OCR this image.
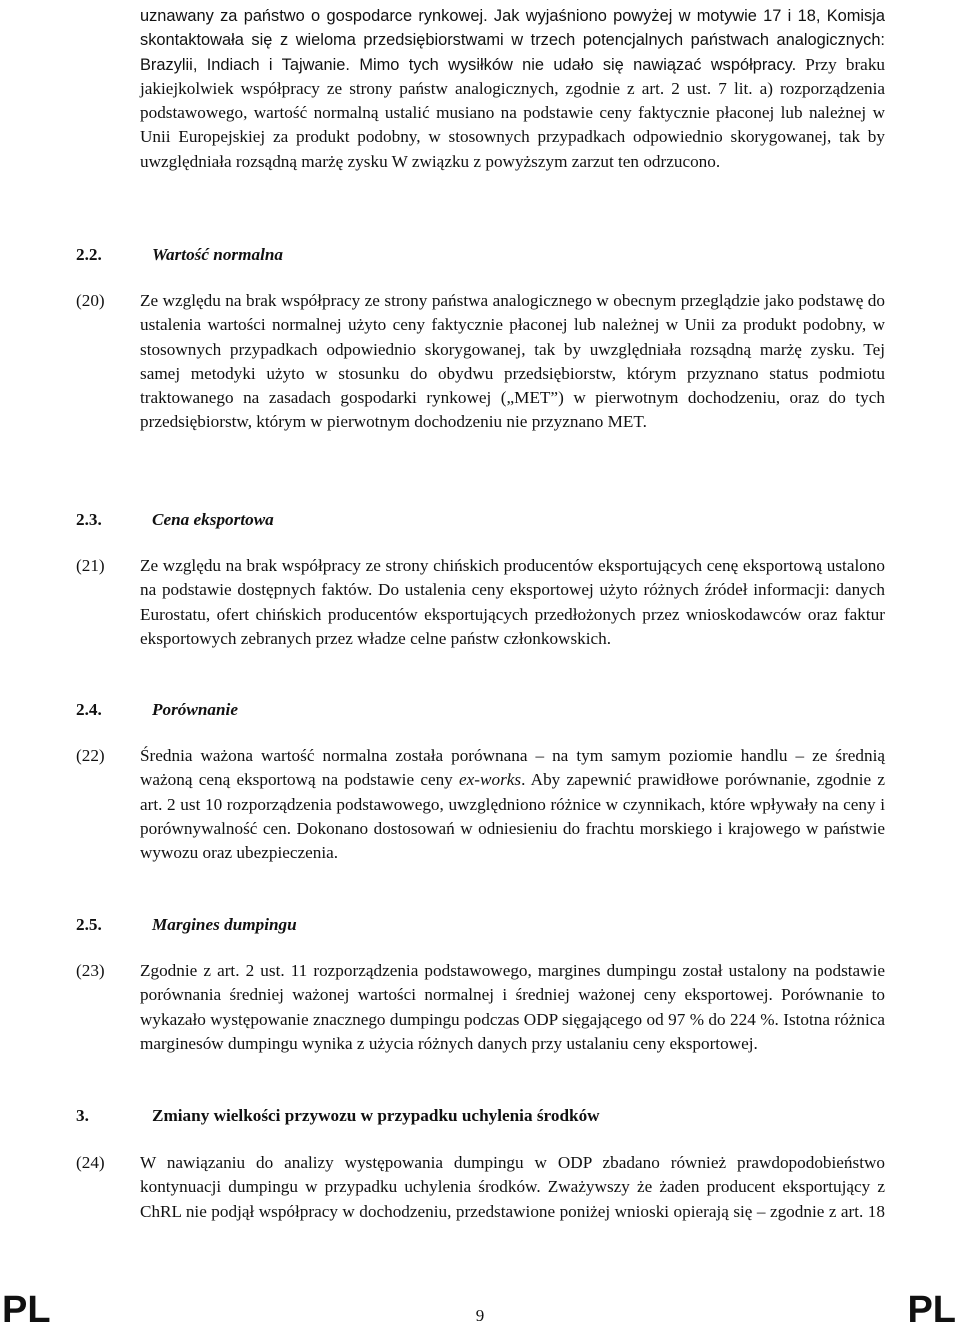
uznawany za państwo o gospodarce rynkowej. Jak wyjaśniono powyżej w motywie 17 i 18, Komisja skontaktowała się z wieloma przedsiębiorstwami w trzech potencjalnych państwach analogicznych: Brazylii, Indiach i Tajwanie. Mimo tych wysiłków nie udało się nawiązać współpracy. Przy braku jakiejkolwiek współpracy ze strony państw analogicznych, zgodnie z art. 2 ust. 7 lit. a) rozporządzenia podstawowego, wartość normalną ustalić musiano na podstawie ceny faktycznie płaconej lub należnej w Unii Europejskiej za produkt podobny, w stosownych przypadkach odpowiednio skorygowanej, tak by uwzględniała rozsądną marżę zysku W związku z powyższym zarzut ten odrzucono.

2.2.	Wartość normalna
(20) Ze względu na brak współpracy ze strony państwa analogicznego w obecnym przeglądzie jako podstawę do ustalenia wartości normalnej użyto ceny faktycznie płaconej lub należnej w Unii za produkt podobny, w stosownych przypadkach odpowiednio skorygowanej, tak by uwzględniała rozsądną marżę zysku. Tej samej metodyki użyto w stosunku do obydwu przedsiębiorstw, którym przyznano status podmiotu traktowanego na zasadach gospodarki rynkowej („MET”) w pierwotnym dochodzeniu, oraz do tych przedsiębiorstw, którym w pierwotnym dochodzeniu nie przyznano MET.

2.3.	Cena eksportowa
(21) Ze względu na brak współpracy ze strony chińskich producentów eksportujących cenę eksportową ustalono na podstawie dostępnych faktów. Do ustalenia ceny eksportowej użyto różnych źródeł informacji: danych Eurostatu, ofert chińskich producentów eksportujących przedłożonych przez wnioskodawców oraz faktur eksportowych zebranych przez władze celne państw członkowskich.

2.4.	Porównanie
(22) Średnia ważona wartość normalna została porównana – na tym samym poziomie handlu – ze średnią ważoną ceną eksportową na podstawie ceny ex-works. Aby zapewnić prawidłowe porównanie, zgodnie z art. 2 ust 10 rozporządzenia podstawowego, uwzględniono różnice w czynnikach, które wpływały na ceny i porównywalność cen. Dokonano dostosowań w odniesieniu do frachtu morskiego i krajowego w państwie wywozu oraz ubezpieczenia.

2.5.	Margines dumpingu
(23) Zgodnie z art. 2 ust. 11 rozporządzenia podstawowego, margines dumpingu został ustalony na podstawie porównania średniej ważonej wartości normalnej i średniej ważonej ceny eksportowej. Porównanie to wykazało występowanie znacznego dumpingu podczas ODP sięgającego od 97 % do 224 %. Istotna różnica marginesów dumpingu wynika z użycia różnych danych przy ustalaniu ceny eksportowej.

3.	Zmiany wielkości przywozu w przypadku uchylenia środków
(24) W nawiązaniu do analizy występowania dumpingu w ODP zbadano również prawdopodobieństwo kontynuacji dumpingu w przypadku uchylenia środków. Zważywszy że żaden producent eksportujący z ChRL nie podjął współpracy w dochodzeniu, przedstawione poniżej wnioski opierają się – zgodnie z art. 18

PL	9	PL
